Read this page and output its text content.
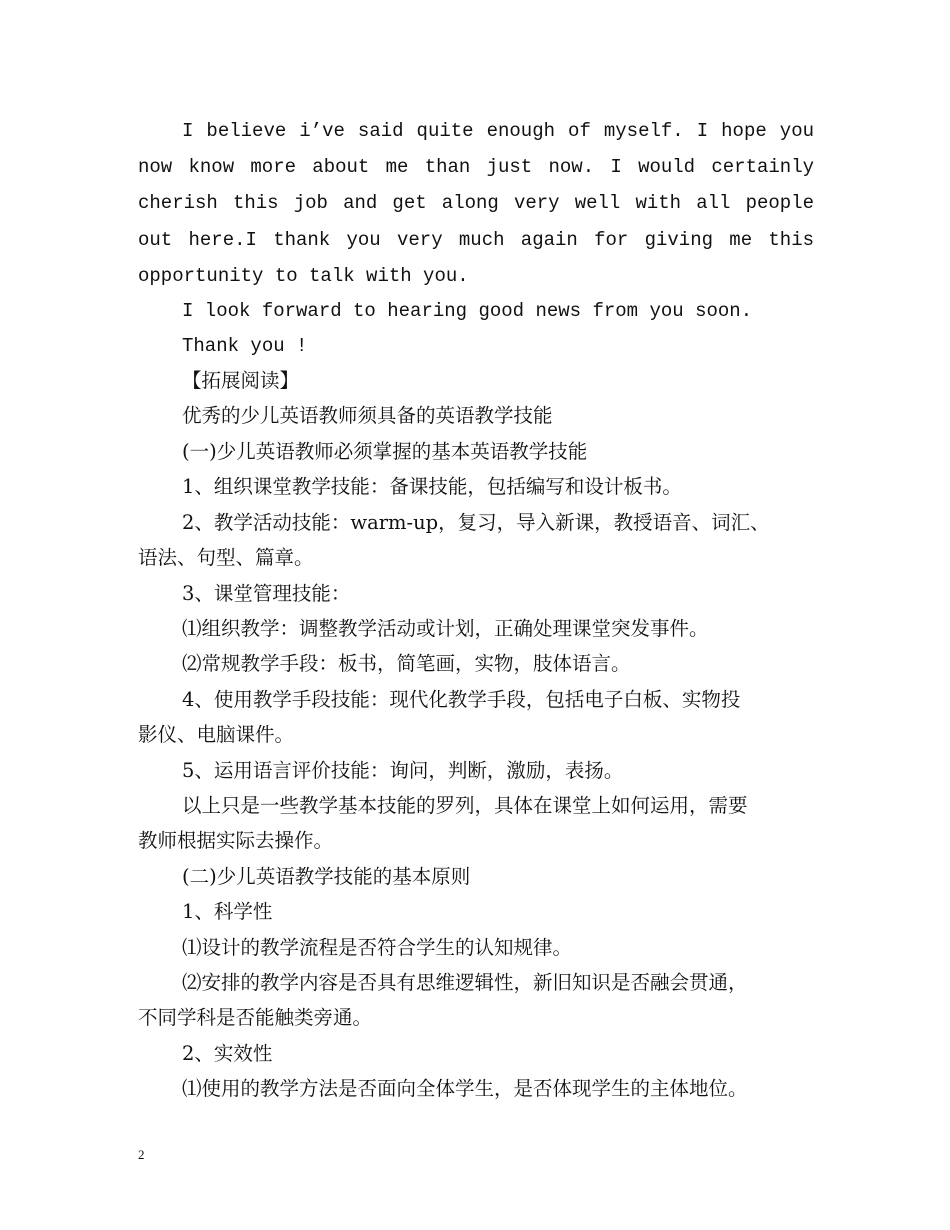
I believe i’ve said quite enough of myself. I hope you now know more about me than just now. I would certainly cherish this job and get along very well with all people out here.I thank you very much again for giving me this opportunity to talk with you.

I look forward to hearing good news from you soon.
Thank you !
【拓展阅读】
优秀的少儿英语教师须具备的英语教学技能
(一)少儿英语教师必须掌握的基本英语教学技能
1、组织课堂教学技能：备课技能，包括编写和设计板书。
2、教学活动技能：warm-up，复习，导入新课，教授语音、词汇、
语法、句型、篇章。
3、课堂管理技能：
⑴组织教学：调整教学活动或计划，正确处理课堂突发事件。
⑵常规教学手段：板书，简笔画，实物，肢体语言。
4、使用教学手段技能：现代化教学手段，包括电子白板、实物投
影仪、电脑课件。
5、运用语言评价技能：询问，判断，激励，表扬。
以上只是一些教学基本技能的罗列，具体在课堂上如何运用，需要
教师根据实际去操作。
(二)少儿英语教学技能的基本原则
1、科学性
⑴设计的教学流程是否符合学生的认知规律。
⑵安排的教学内容是否具有思维逻辑性，新旧知识是否融会贯通，
不同学科是否能触类旁通。
2、实效性
⑴使用的教学方法是否面向全体学生，是否体现学生的主体地位。
2
